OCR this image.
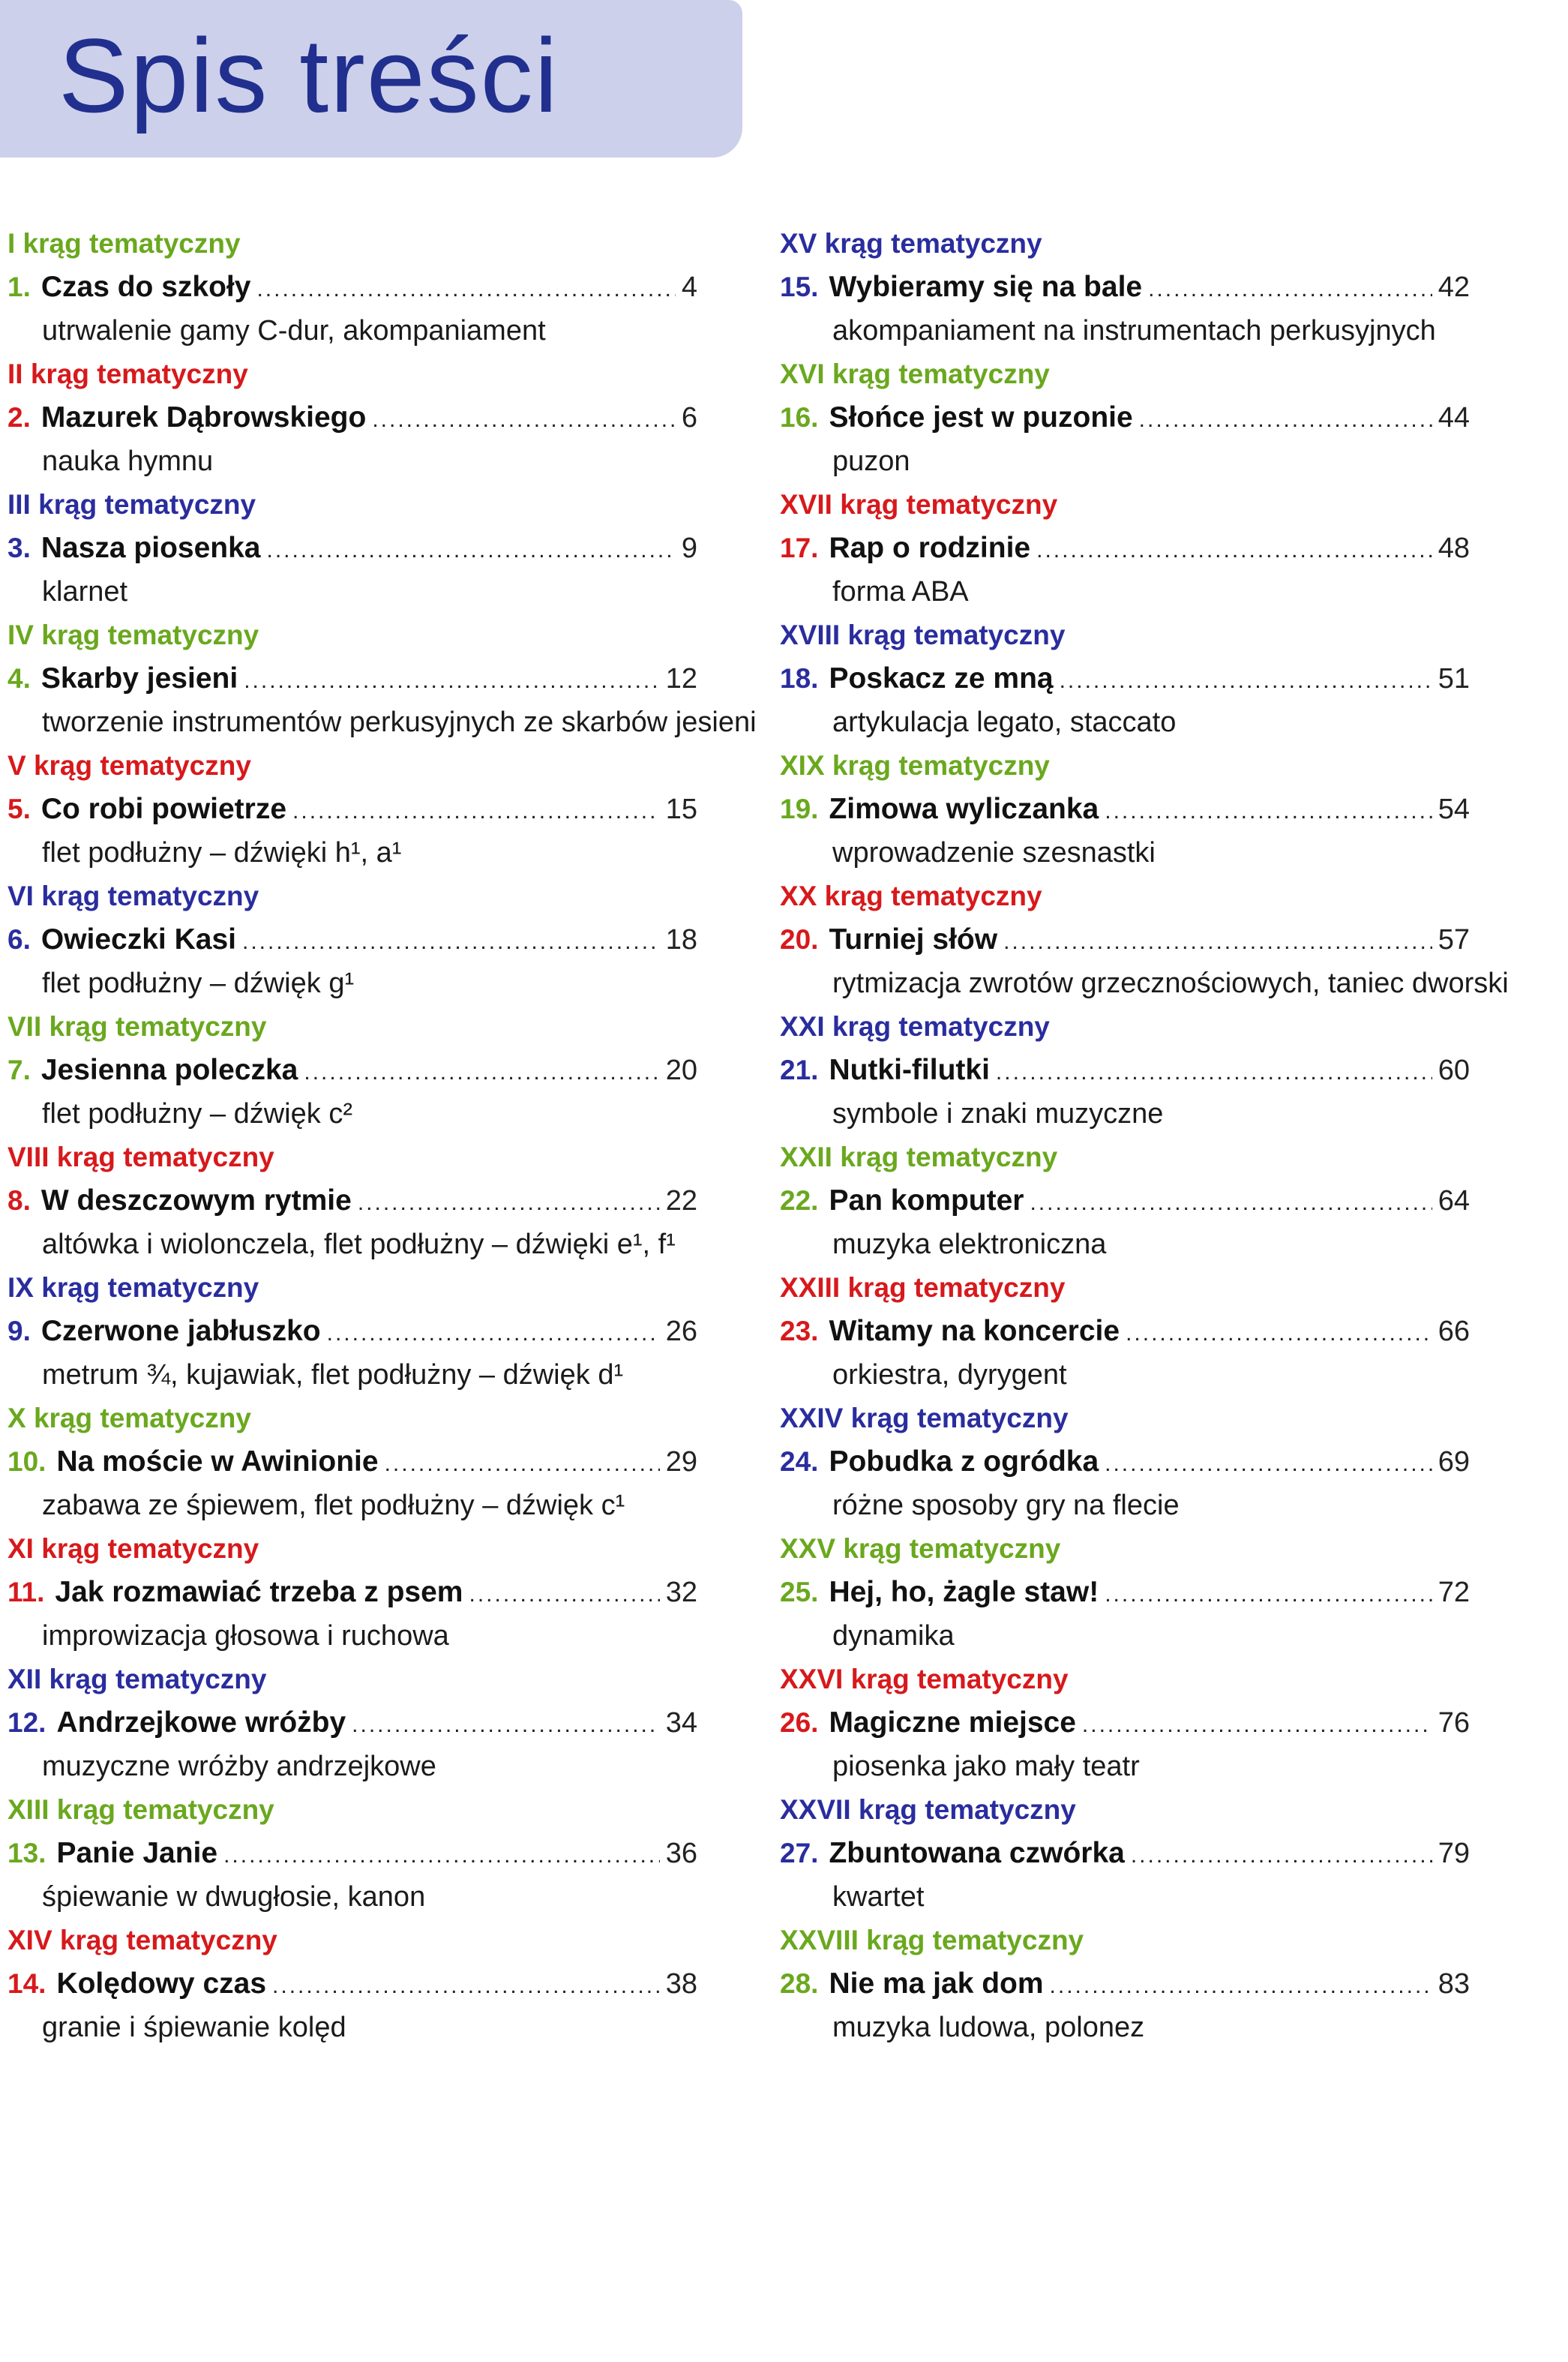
Spis treści
I krąg tematyczny
1. Czas do szkoły .....	4
utrwalenie gamy C-dur, akompaniament
II krąg tematyczny
2. Mazurek Dąbrowskiego .....	6
nauka hymnu
III krąg tematyczny
3. Nasza piosenka .....	9
klarnet
IV krąg tematyczny
4. Skarby jesieni .....	12
tworzenie instrumentów perkusyjnych ze skarbów jesieni
V krąg tematyczny
5. Co robi powietrze .....	15
flet podłużny – dźwięki h¹, a¹
VI krąg tematyczny
6. Owieczki Kasi .....	18
flet podłużny – dźwięk g¹
VII krąg tematyczny
7. Jesienna poleczka .....	20
flet podłużny – dźwięk c²
VIII krąg tematyczny
8. W deszczowym rytmie .....	22
altówka i wiolonczela, flet podłużny – dźwięki e¹, f¹
IX krąg tematyczny
9. Czerwone jabłuszko .....	26
metrum ¾, kujawiak, flet podłużny – dźwięk d¹
X krąg tematyczny
10. Na moście w Awinionie .....	29
zabawa ze śpiewem, flet podłużny – dźwięk c¹
XI krąg tematyczny
11. Jak rozmawiać trzeba z psem .....	32
improwizacja głosowa i ruchowa
XII krąg tematyczny
12. Andrzejkowe wróżby .....	34
muzyczne wróżby andrzejkowe
XIII krąg tematyczny
13. Panie Janie .....	36
śpiewanie w dwugłosie, kanon
XIV krąg tematyczny
14. Kolędowy czas .....	38
granie i śpiewanie kolęd
XV krąg tematyczny
15. Wybieramy się na bale .....	42
akompaniament na instrumentach perkusyjnych
XVI krąg tematyczny
16. Słońce jest w puzonie .....	44
puzon
XVII krąg tematyczny
17. Rap o rodzinie .....	48
forma ABA
XVIII krąg tematyczny
18. Poskacz ze mną .....	51
artykulacja legato, staccato
XIX krąg tematyczny
19. Zimowa wyliczanka .....	54
wprowadzenie szesnastki
XX krąg tematyczny
20. Turniej słów .....	57
rytmizacja zwrotów grzecznościowych, taniec dworski
XXI krąg tematyczny
21. Nutki-filutki .....	60
symbole i znaki muzyczne
XXII krąg tematyczny
22. Pan komputer .....	64
muzyka elektroniczna
XXIII krąg tematyczny
23. Witamy na koncercie .....	66
orkiestra, dyrygent
XXIV krąg tematyczny
24. Pobudka z ogródka .....	69
różne sposoby gry na flecie
XXV krąg tematyczny
25. Hej, ho, żagle staw! .....	72
dynamika
XXVI krąg tematyczny
26. Magiczne miejsce .....	76
piosenka jako mały teatr
XXVII krąg tematyczny
27. Zbuntowana czwórka .....	79
kwartet
XXVIII krąg tematyczny
28. Nie ma jak dom .....	83
muzyka ludowa, polonez
